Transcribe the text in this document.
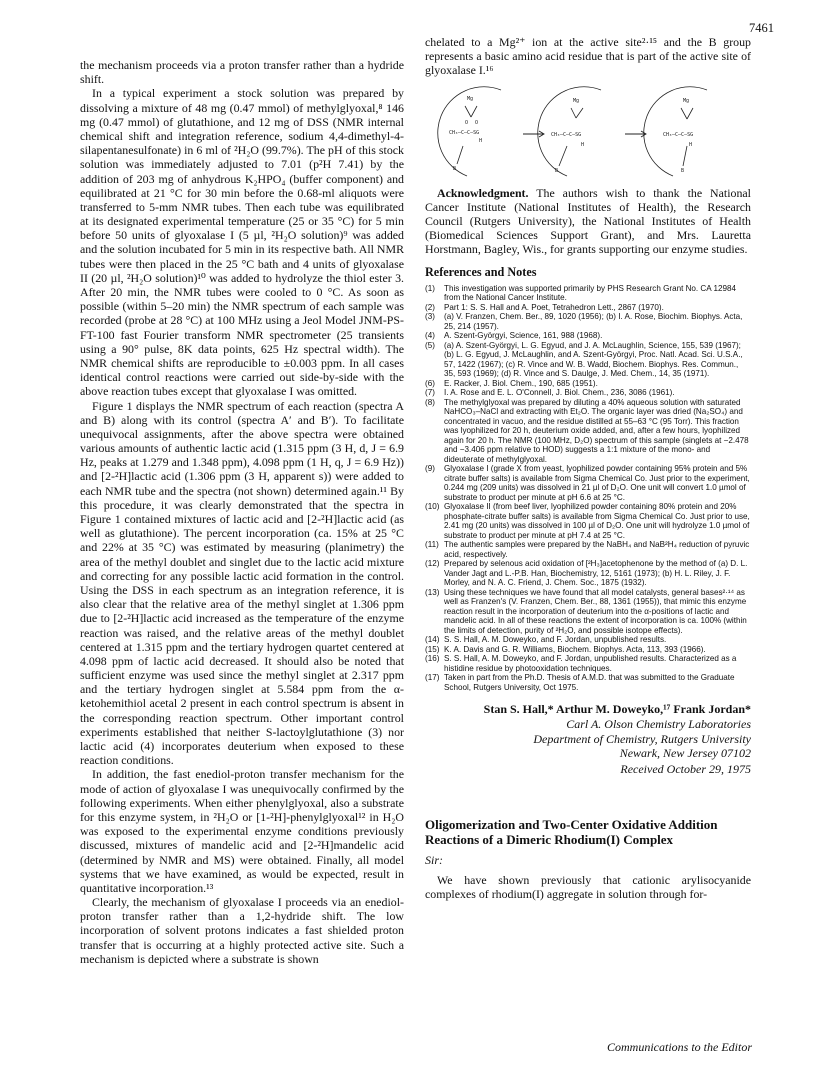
7461

the mechanism proceeds via a proton transfer rather than a hydride shift.

In a typical experiment a stock solution was prepared by dissolving a mixture of 48 mg (0.47 mmol) of methylglyoxal,⁸ 146 mg (0.47 mmol) of glutathione, and 12 mg of DSS (NMR internal chemical shift and integration reference, sodium 4,4-dimethyl-4-silapentanesulfonate) in 6 ml of ²H₂O (99.7%). The pH of this stock solution was immediately adjusted to 7.01 (p²H 7.41) by the addition of 203 mg of anhydrous K₂HPO₄ (buffer component) and equilibrated at 21 °C for 30 min before the 0.68-ml aliquots were transferred to 5-mm NMR tubes. Then each tube was equilibrated at its designated experimental temperature (25 or 35 °C) for 5 min before 50 units of glyoxalase I (5 µl, ²H₂O solution)⁹ was added and the solution incubated for 5 min in its respective bath. All NMR tubes were then placed in the 25 °C bath and 4 units of glyoxalase II (20 µl, ²H₂O solution)¹⁰ was added to hydrolyze the thiol ester 3. After 20 min, the NMR tubes were cooled to 0 °C. As soon as possible (within 5–20 min) the NMR spectrum of each sample was recorded (probe at 28 °C) at 100 MHz using a Jeol Model JNM-PS-FT-100 fast Fourier transform NMR spectrometer (25 transients using a 90° pulse, 8K data points, 625 Hz spectral width). The NMR chemical shifts are reproducible to ±0.003 ppm. In all cases identical control reactions were carried out side-by-side with the above reaction tubes except that glyoxalase I was omitted.

Figure 1 displays the NMR spectrum of each reaction (spectra A and B) along with its control (spectra A′ and B′). To facilitate unequivocal assignments, after the above spectra were obtained various amounts of authentic lactic acid (1.315 ppm (3 H, d, J = 6.9 Hz, peaks at 1.279 and 1.348 ppm), 4.098 ppm (1 H, q, J = 6.9 Hz)) and [2-²H]lactic acid (1.306 ppm (3 H, apparent s)) were added to each NMR tube and the spectra (not shown) determined again.¹¹ By this procedure, it was clearly demonstrated that the spectra in Figure 1 contained mixtures of lactic acid and [2-²H]lactic acid (as well as glutathione). The percent incorporation (ca. 15% at 25 °C and 22% at 35 °C) was estimated by measuring (planimetry) the area of the methyl doublet and singlet due to the lactic acid mixture and correcting for any possible lactic acid formation in the control. Using the DSS in each spectrum as an integration reference, it is also clear that the relative area of the methyl singlet at 1.306 ppm due to [2-²H]lactic acid increased as the temperature of the enzyme reaction was raised, and the relative areas of the methyl doublet centered at 1.315 ppm and the tertiary hydrogen quartet centered at 4.098 ppm of lactic acid decreased. It should also be noted that sufficient enzyme was used since the methyl singlet at 2.317 ppm and the tertiary hydrogen singlet at 5.584 ppm from the α-ketohemithiol acetal 2 present in each control spectrum is absent in the corresponding reaction spectrum. Other important control experiments established that neither S-lactoylglutathione (3) nor lactic acid (4) incorporates deuterium when exposed to these reaction conditions.

In addition, the fast enediol-proton transfer mechanism for the mode of action of glyoxalase I was unequivocally confirmed by the following experiments. When either phenylglyoxal, also a substrate for this enzyme system, in ²H₂O or [1-²H]-phenylglyoxal¹² in H₂O was exposed to the experimental enzyme conditions previously discussed, mixtures of mandelic acid and [2-²H]mandelic acid (determined by NMR and MS) were obtained. Finally, all model systems that we have examined, as would be expected, result in quantitative incorporation.¹³

Clearly, the mechanism of glyoxalase I proceeds via an enediol-proton transfer rather than a 1,2-hydride shift. The low incorporation of solvent protons indicates a fast shielded proton transfer that is occurring at a highly protected active site. Such a mechanism is depicted where a substrate is shown

chelated to a Mg²⁺ ion at the active site²·¹⁵ and the B group represents a basic amino acid residue that is part of the active site of glyoxalase I.¹⁶

Mg	Mg	Mg
O O
CH₃–C–C–SG	CH₃–C–C–SG	CH₃–C–C–SG
H
H	H
B	B	B

Acknowledgment. The authors wish to thank the National Cancer Institute (National Institutes of Health), the Research Council (Rutgers University), the National Institutes of Health (Biomedical Sciences Support Grant), and Mrs. Lauretta Horstmann, Bagley, Wis., for grants supporting our enzyme studies.

References and Notes
(1)	This investigation was supported primarily by PHS Research Grant No. CA 12984 from the National Cancer Institute.
(2)	Part 1: S. S. Hall and A. Poet, Tetrahedron Lett., 2867 (1970).
(3)	(a) V. Franzen, Chem. Ber., 89, 1020 (1956); (b) I. A. Rose, Biochim. Biophys. Acta, 25, 214 (1957).
(4)	A. Szent-Györgyi, Science, 161, 988 (1968).
(5)	(a) A. Szent-Györgyi, L. G. Egyud, and J. A. McLaughlin, Science, 155, 539 (1967); (b) L. G. Egyud, J. McLaughlin, and A. Szent-Györgyi, Proc. Natl. Acad. Sci. U.S.A., 57, 1422 (1967); (c) R. Vince and W. B. Wadd, Biochem. Biophys. Res. Commun., 35, 593 (1969); (d) R. Vince and S. Daulge, J. Med. Chem., 14, 35 (1971).
(6)	E. Racker, J. Biol. Chem., 190, 685 (1951).
(7)	I. A. Rose and E. L. O'Connell, J. Biol. Chem., 236, 3086 (1961).
(8)	The methylglyoxal was prepared by diluting a 40% aqueous solution with saturated NaHCO₃–NaCl and extracting with Et₂O. The organic layer was dried (Na₂SO₄) and concentrated in vacuo, and the residue distilled at 55–63 °C (95 Torr). This fraction was lyophilized for 20 h, deuterium oxide added, and, after a few hours, lyophilized again for 20 h. The NMR (100 MHz, D₂O) spectrum of this sample (singlets at −2.478 and −3.406 ppm relative to HOD) suggests a 1:1 mixture of the mono- and dideuterate of methylglyoxal.
(9)	Glyoxalase I (grade X from yeast, lyophilized powder containing 95% protein and 5% citrate buffer salts) is available from Sigma Chemical Co. Just prior to the experiment, 0.244 mg (209 units) was dissolved in 21 µl of D₂O. One unit will convert 1.0 µmol of substrate to product per minute at pH 6.6 at 25 °C.
(10) Glyoxalase II (from beef liver, lyophilized powder containing 80% protein and 20% phosphate-citrate buffer salts) is available from Sigma Chemical Co. Just prior to use, 2.41 mg (20 units) was dissolved in 100 µl of D₂O. One unit will hydrolyze 1.0 µmol of substrate to product per minute at pH 7.4 at 25 °C.
(11) The authentic samples were prepared by the NaBH₄ and NaB²H₄ reduction of pyruvic acid, respectively.
(12) Prepared by selenous acid oxidation of [²H₃]acetophenone by the method of (a) D. L. Vander Jagt and L.-P.B. Han, Biochemistry, 12, 5161 (1973); (b) H. L. Riley, J. F. Morley, and N. A. C. Friend, J. Chem. Soc., 1875 (1932).
(13) Using these techniques we have found that all model catalysts, general bases²·¹⁴ as well as Franzen's (V. Franzen, Chem. Ber., 88, 1361 (1955)), that mimic this enzyme reaction result in the incorporation of deuterium into the α-positions of lactic and mandelic acid. In all of these reactions the extent of incorporation is ca. 100% (within the limits of detection, purity of ²H₂O, and possible isotope effects).
(14) S. S. Hall, A. M. Doweyko, and F. Jordan, unpublished results.
(15) K. A. Davis and G. R. Williams, Biochem. Biophys. Acta, 113, 393 (1966).
(16) S. S. Hall, A. M. Doweyko, and F. Jordan, unpublished results. Characterized as a histidine residue by photooxidation techniques.
(17) Taken in part from the Ph.D. Thesis of A.M.D. that was submitted to the Graduate School, Rutgers University, Oct 1975.
Stan S. Hall,* Arthur M. Doweyko,¹⁷ Frank Jordan*
Carl A. Olson Chemistry Laboratories
Department of Chemistry, Rutgers University
Newark, New Jersey 07102
Received October 29, 1975
Oligomerization and Two-Center Oxidative Addition Reactions of a Dimeric Rhodium(I) Complex
Sir:

We have shown previously that cationic arylisocyanide complexes of rhodium(I) aggregate in solution through for-

Communications to the Editor
